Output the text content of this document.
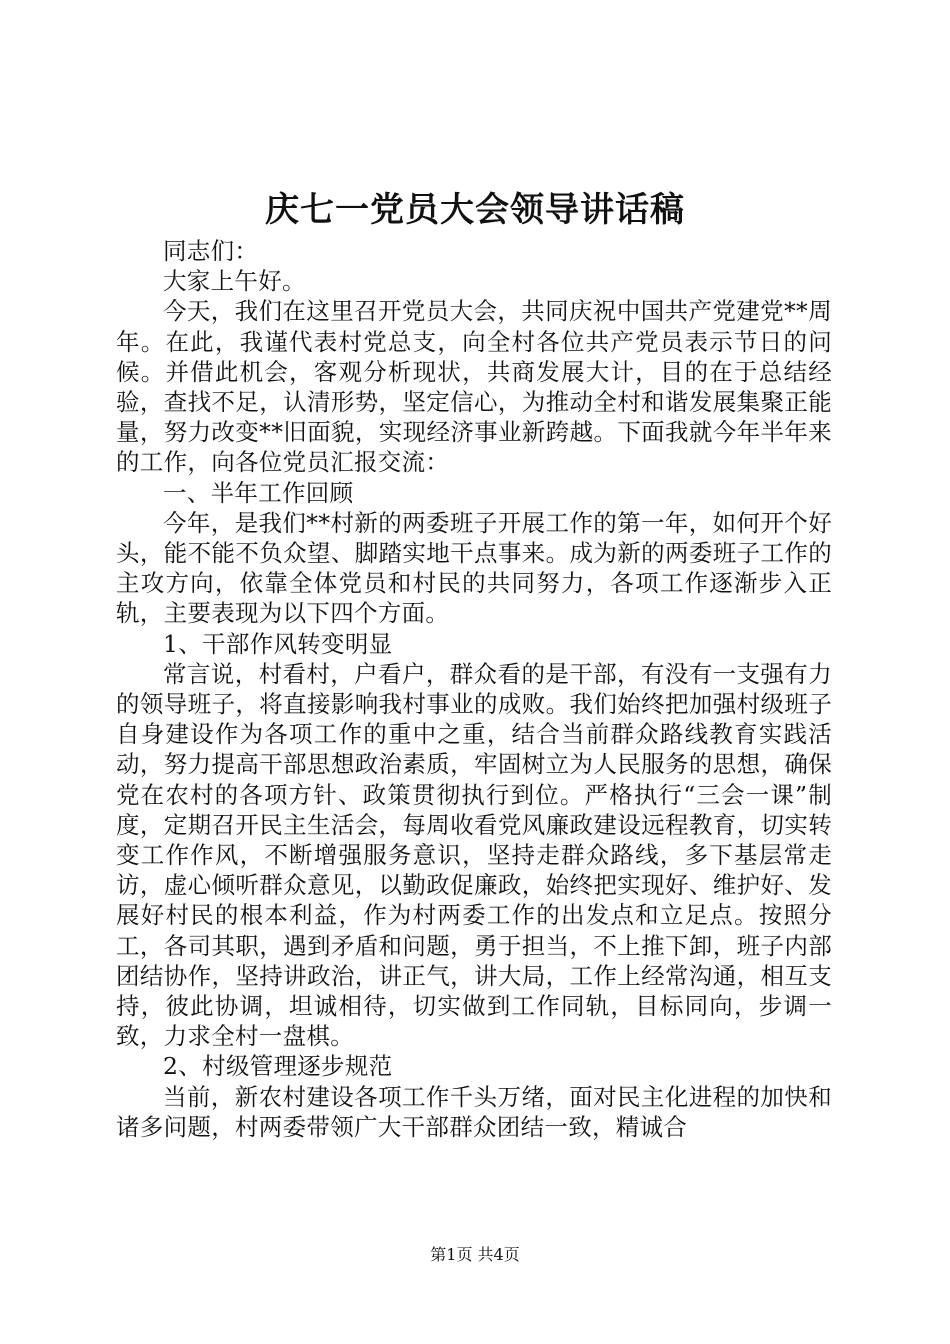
庆七一党员大会领导讲话稿

同志们：

大家上午好。

今天，我们在这里召开党员大会，共同庆祝中国共产党建党**周年。在此，我谨代表村党总支，向全村各位共产党员表示节日的问候。并借此机会，客观分析现状，共商发展大计，目的在于总结经验，查找不足，认清形势，坚定信心，为推动全村和谐发展集聚正能量，努力改变**旧面貌，实现经济事业新跨越。下面我就今年半年来的工作，向各位党员汇报交流：

一、半年工作回顾

今年，是我们**村新的两委班子开展工作的第一年，如何开个好头，能不能不负众望、脚踏实地干点事来。成为新的两委班子工作的主攻方向，依靠全体党员和村民的共同努力，各项工作逐渐步入正轨，主要表现为以下四个方面。

1、干部作风转变明显

常言说，村看村，户看户，群众看的是干部，有没有一支强有力的领导班子，将直接影响我村事业的成败。我们始终把加强村级班子自身建设作为各项工作的重中之重，结合当前群众路线教育实践活动，努力提高干部思想政治素质，牢固树立为人民服务的思想，确保党在农村的各项方针、政策贯彻执行到位。严格执行“三会一课”制度，定期召开民主生活会，每周收看党风廉政建设远程教育，切实转变工作作风，不断增强服务意识，坚持走群众路线，多下基层常走访，虚心倾听群众意见，以勤政促廉政，始终把实现好、维护好、发展好村民的根本利益，作为村两委工作的出发点和立足点。按照分工，各司其职，遇到矛盾和问题，勇于担当，不上推下卸，班子内部团结协作，坚持讲政治，讲正气，讲大局，工作上经常沟通，相互支持，彼此协调，坦诚相待，切实做到工作同轨，目标同向，步调一致，力求全村一盘棋。

2、村级管理逐步规范

当前，新农村建设各项工作千头万绪，面对民主化进程的加快和诸多问题，村两委带领广大干部群众团结一致，精诚合

第1页 共4页
